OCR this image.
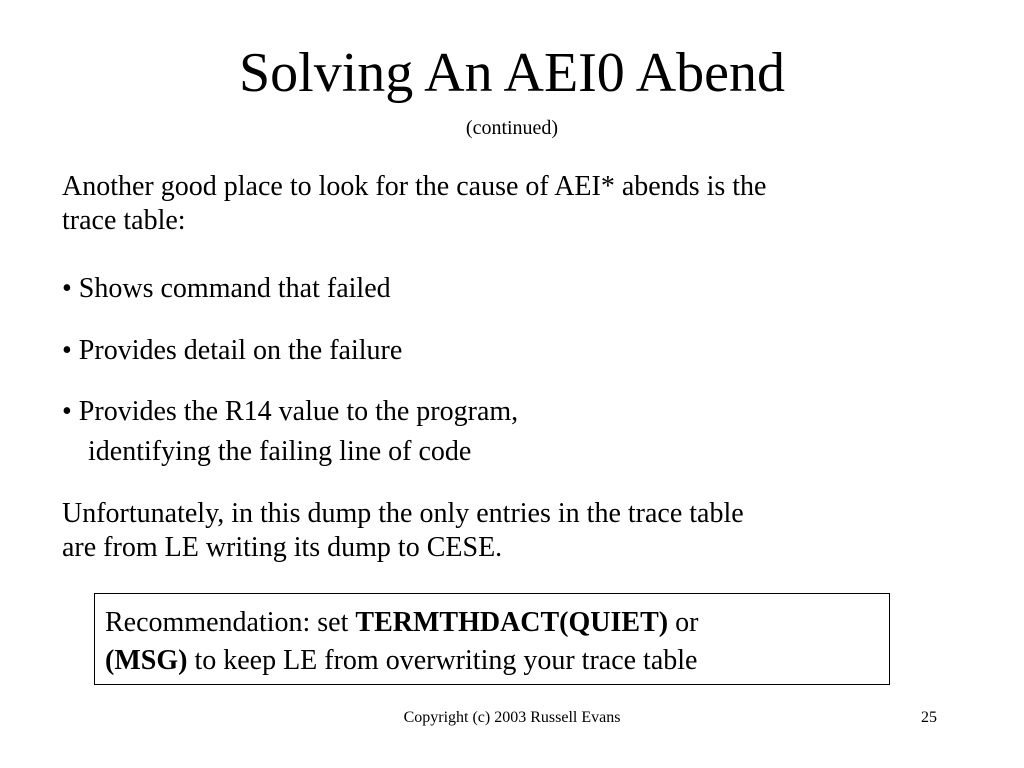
Solving An AEI0 Abend
(continued)
Another good place to look for the cause of AEI* abends is the
trace table:
• Shows command that failed
• Provides detail on the failure
• Provides the R14 value to the program,
identifying the failing line of code
Unfortunately, in this dump the only entries in the trace table
are from LE writing its dump to CESE.
Recommendation: set TERMTHDACT(QUIET) or
(MSG) to keep LE from overwriting your trace table
Copyright (c) 2003 Russell Evans	25
